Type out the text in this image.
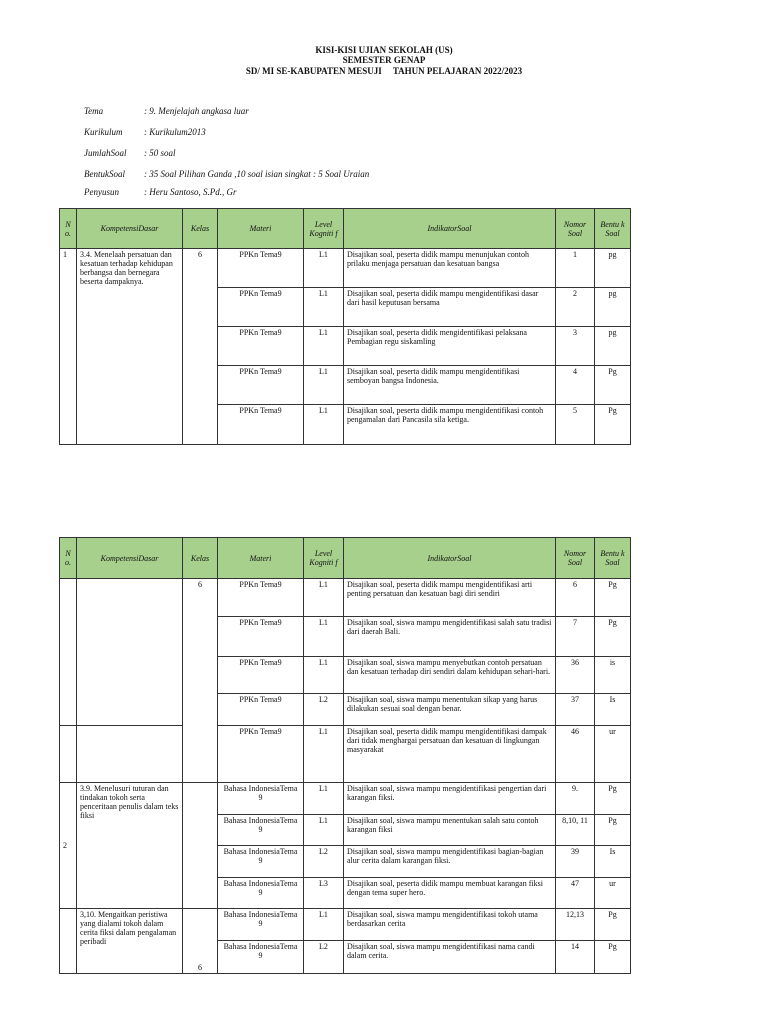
KISI-KISI UJIAN SEKOLAH (US)
SEMESTER GENAP
SD/ MI SE-KABUPATEN MESUJI     TAHUN PELAJARAN 2022/2023
Tema	: 9. Menjelajah angkasa luar
Kurikulum : Kurikulum2013
JumlahSoal : 50 soal
BentukSoal : 35 Soal Pilihan Ganda ,10 soal isian singkat : 5 Soal Uraian
Penyusun	: Heru Santoso, S.Pd., Gr
N o.	KompetensiDasar	Kelas	Materi	Level Kogniti f	IndikatorSoal	Nomor Soal	Bentu k Soal
1	3.4. Menelaah persatuan dan kesatuan terhadap kehidupan berbangsa dan bernegara beserta dampaknya.	6	PPKn Tema9	L1	Disajikan soal, peserta didik mampu menunjukan contoh prilaku menjaga persatuan dan kesatuan bangsa	1	pg
			PPKn Tema9	L1	Disajikan soal, peserta didik mampu mengidentifikasi dasar dari hasil keputusan bersama	2	pg
			PPKn Tema9	L1	Disajikan soal, peserta didik mengidentifikasi pelaksana Pembagian regu siskamling	3	pg
			PPKn Tema9	L1	Disajikan soal, peserta didik mampu mengidentifikasi semboyan bangsa Indonesia.	4	Pg
			PPKn Tema9	L1	Disajikan soal, peserta didik mampu mengidentifikasi contoh pengamalan dari Pancasila sila ketiga.	5	Pg
N o.	KompetensiDasar	Kelas	Materi	Level Kogniti f	IndikatorSoal	Nomor Soal	Bentu k Soal
		6	PPKn Tema9	L1	Disajikan soal, peserta didik mampu mengidentifikasi arti penting persatuan dan kesatuan bagi diri sendiri	6	Pg
			PPKn Tema9	L1	Disajikan soal, siswa mampu mengidentifikasi salah satu tradisi dari daerah Bali.	7	Pg
			PPKn Tema9	L1	Disajikan soal, siswa mampu menyebutkan contoh persatuan dan kesatuan terhadap diri sendiri dalam kehidupan sehari-hari.	36	is
			PPKn Tema9	L2	Disajikan soal, siswa mampu menentukan sikap yang harus dilakukan sesuai soal dengan benar.	37	Is
			PPKn Tema9	L1	Disajikan soal, peserta didik mampu mengidentifikasi dampak dari tidak menghargai persatuan dan kesatuan di lingkungan masyarakat	46	ur
2	3.9. Menelusuri tuturan dan tindakan tokoh serta penceritaan penulis dalam teks fiksi		Bahasa IndonesiaTema 9	L1	Disajikan soal, siswa mampu mengidentifikasi pengertian dari karangan fiksi.	9.	Pg
			Bahasa IndonesiaTema 9	L1	Disajikan soal, siswa mampu menentukan salah satu contoh karangan fiksi	8,10, 11	Pg
			Bahasa IndonesiaTema 9	L2	Disajikan soal, siswa mampu mengidentifikasi bagian-bagian alur cerita dalam karangan fiksi.	39	Is
			Bahasa IndonesiaTema 9	L3	Disajikan soal, peserta didik mampu membuat karangan fiksi dengan tema super hero.	47	ur
	3,10. Mengaitkan peristiwa yang dialami tokoh dalam cerita fiksi dalam pengalaman peribadi	6	Bahasa IndonesiaTema 9	L1	Disajikan soal, siswa mampu mengidentifikasi tokoh utama berdasarkan cerita	12,13	Pg
			Bahasa IndonesiaTema 9	L2	Disajikan soal, siswa mampu mengidentifikasi nama candi dalam cerita.	14	Pg
